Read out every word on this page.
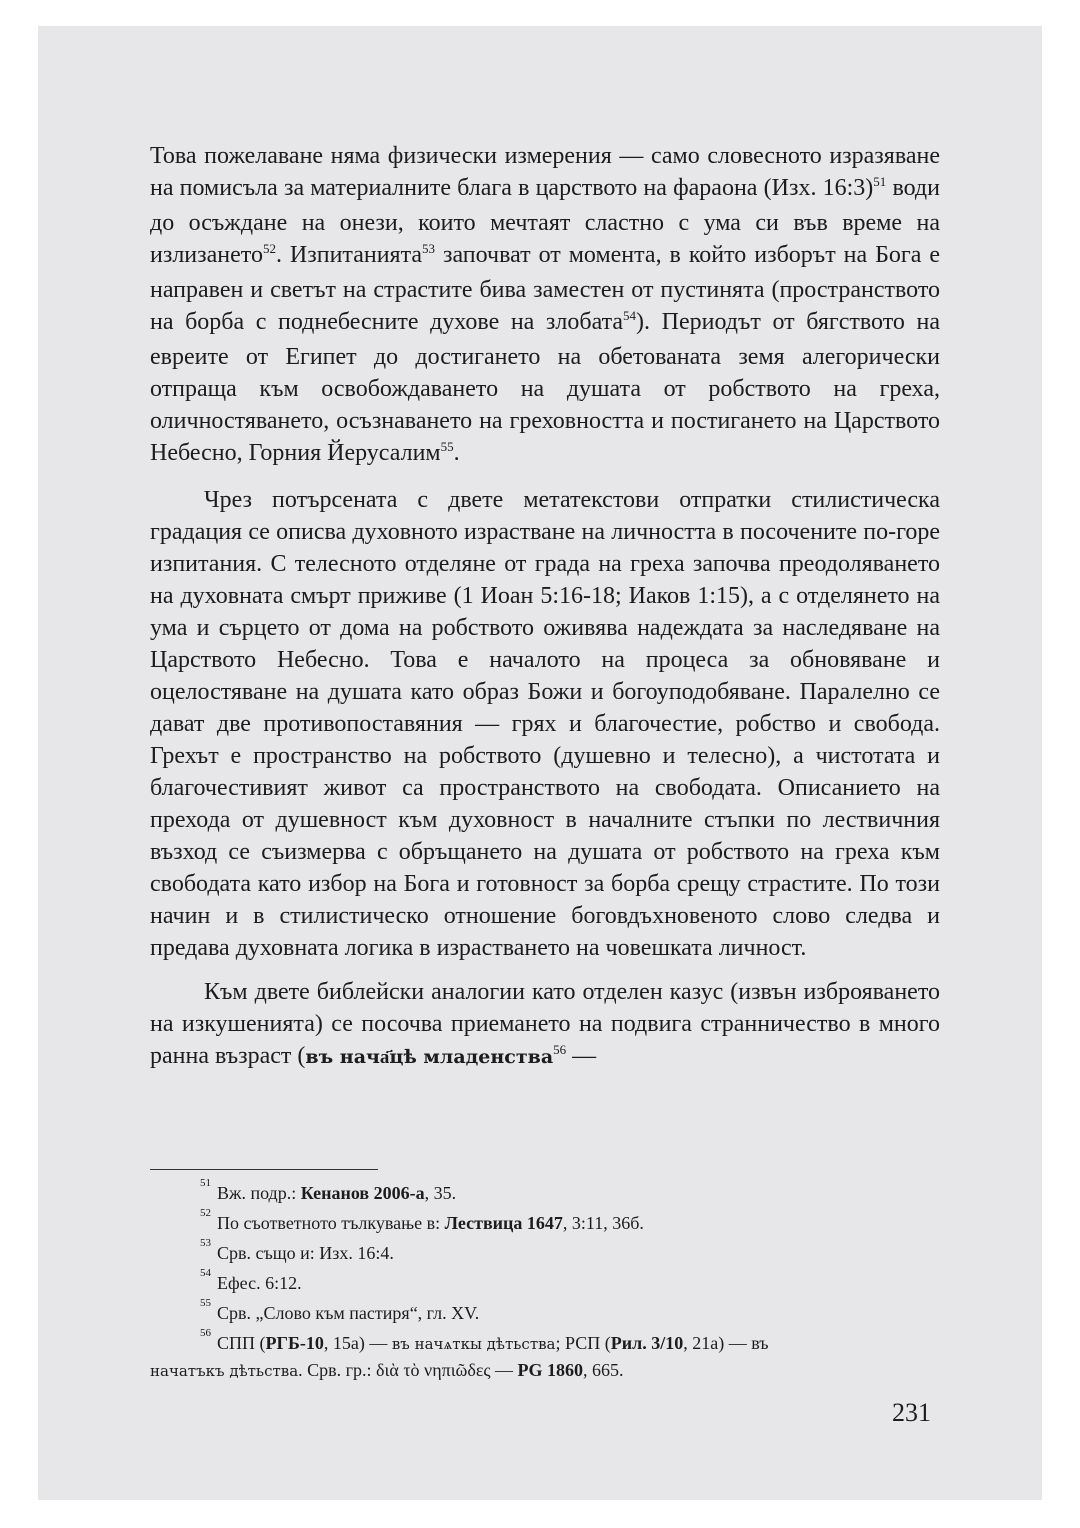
Това пожелаване няма физически измерения — само словесното изразяване на помисъла за материалните блага в царството на фараона (Изх. 16:3)$^{51}$ води до осъждане на онези, които мечтаят сластно с ума си във време на излизането$^{52}$. Изпитанията$^{53}$ започват от момента, в който изборът на Бога е направен и светът на страстите бива заместен от пустинята (пространството на борба с поднебесните духове на злобата$^{54}$). Периодът от бягството на евреите от Египет до достигането на обетованата земя алегорически отпраща към освобождаването на душата от робството на греха, оличностяването, осъзнаването на греховността и постигането на Царството Небесно, Горния Йерусалим$^{55}$.

Чрез потърсената с двете метатекстови отпратки стилистическа градация се описва духовното израстване на личността в посочените по-горе изпитания. С телесното отделяне от града на греха започва преодоляването на духовната смърт приживе (1 Иоан 5:16-18; Иаков 1:15), а с отделянето на ума и сърцето от дома на робството оживява надеждата за наследяване на Царството Небесно. Това е началото на процеса за обновяване и оцелостяване на душата като образ Божи и богоуподобяване. Паралелно се дават две противопоставяния — грях и благочестие, робство и свобода. Грехът е пространство на робството (душевно и телесно), а чистотата и благочестивият живот са пространството на свободата. Описанието на прехода от душевност към духовност в началните стъпки по лествичния възход се съизмерва с обръщането на душата от робството на греха към свободата като избор на Бога и готовност за борба срещу страстите. По този начин и в стилистическо отношение боговдъхновеното слово следва и предава духовната логика в израстването на човешката личност.

Към двете библейски аналогии като отделен казус (извън изброяването на изкушенията) се посочва приемането на подвига странничество в много ранна възраст (въ нача҃цѣ младенства$^{56}$ —

$^{51}$ Вж. подр.: Кенанов 2006-а, 35.
$^{52}$ По съответното тълкување в: Лествица 1647, 3:11, 36б.
$^{53}$ Срв. също и: Изх. 16:4.
$^{54}$ Ефес. 6:12.
$^{55}$ Срв. „Слово към пастиря“, гл. XV.
$^{56}$ СПП (РГБ-10, 15а) — въ начѧткы дѣтьства; РСП (Рил. 3/10, 21а) — въ
начатъкъ дѣтьства. Срв. гр.: διὰ τὸ νηπιῶδες — PG 1860, 665.
231
